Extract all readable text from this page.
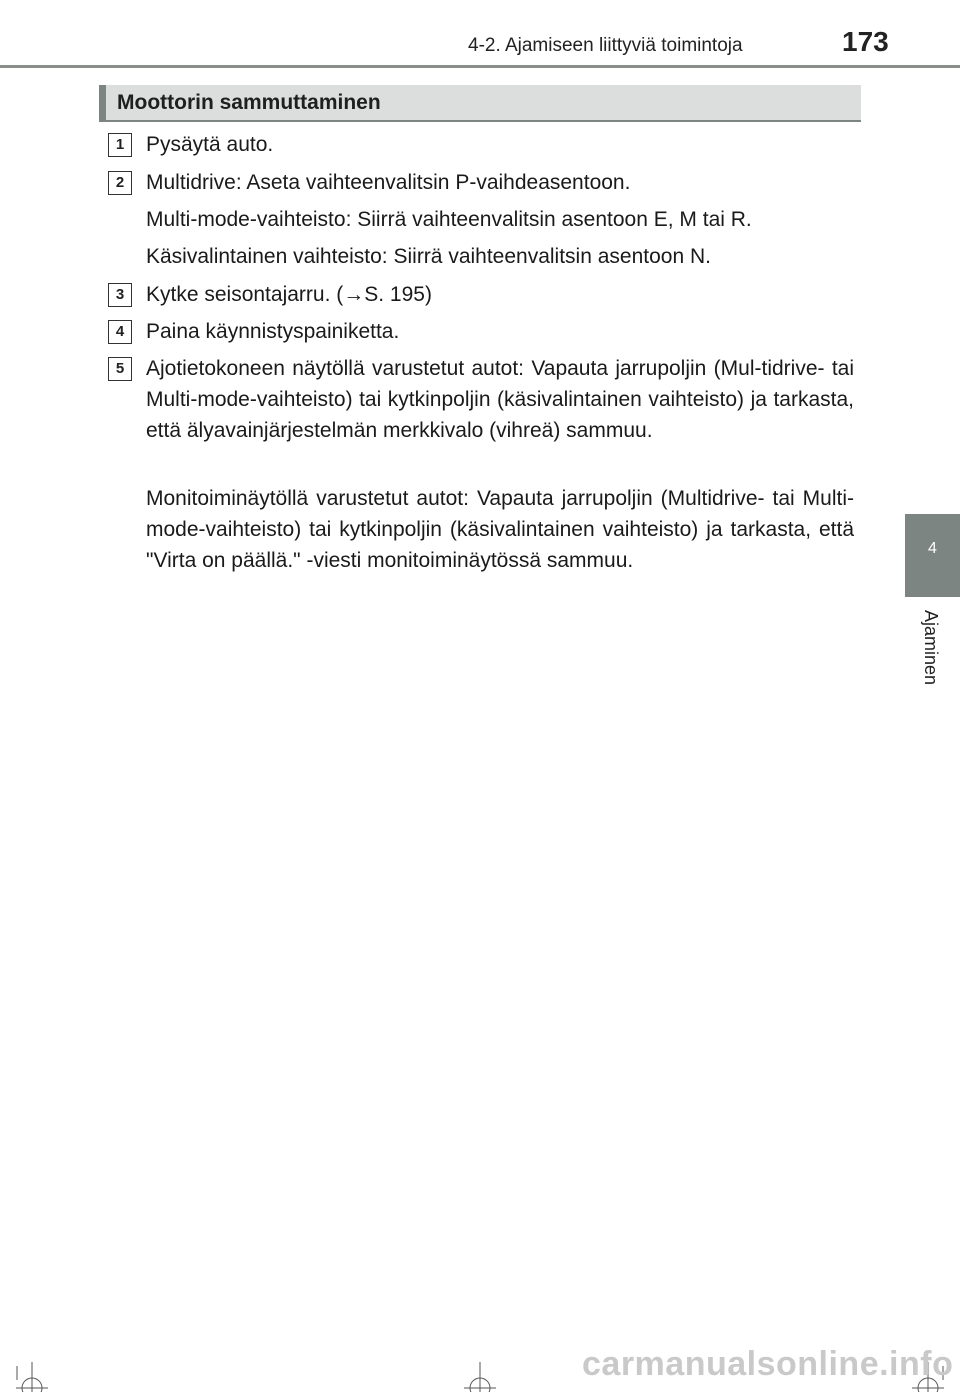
4-2. Ajamiseen liittyviä toimintoja	173
Moottorin sammuttaminen
1	Pysäytä auto.
2	Multidrive: Aseta vaihteenvalitsin P-vaihdeasentoon.
Multi-mode-vaihteisto: Siirrä vaihteenvalitsin asentoon E, M tai R.
Käsivalintainen vaihteisto: Siirrä vaihteenvalitsin asentoon N.
3	Kytke seisontajarru. (→S. 195)
4	Paina käynnistyspainiketta.
5	Ajotietokoneen näytöllä varustetut autot: Vapauta jarrupoljin (Mul-tidrive- tai Multi-mode-vaihteisto) tai kytkinpoljin (käsivalintainen vaihteisto) ja tarkasta, että älyavainjärjestelmän merkkivalo (vihreä) sammuu.
Monitoiminäytöllä varustetut autot: Vapauta jarrupoljin (Multidrive- tai Multi-mode-vaihteisto) tai kytkinpoljin (käsivalintainen vaihteisto) ja tarkasta, että "Virta on päällä." -viesti monitoiminäytössä sammuu.
4
Ajaminen
carmanualsonline.info
